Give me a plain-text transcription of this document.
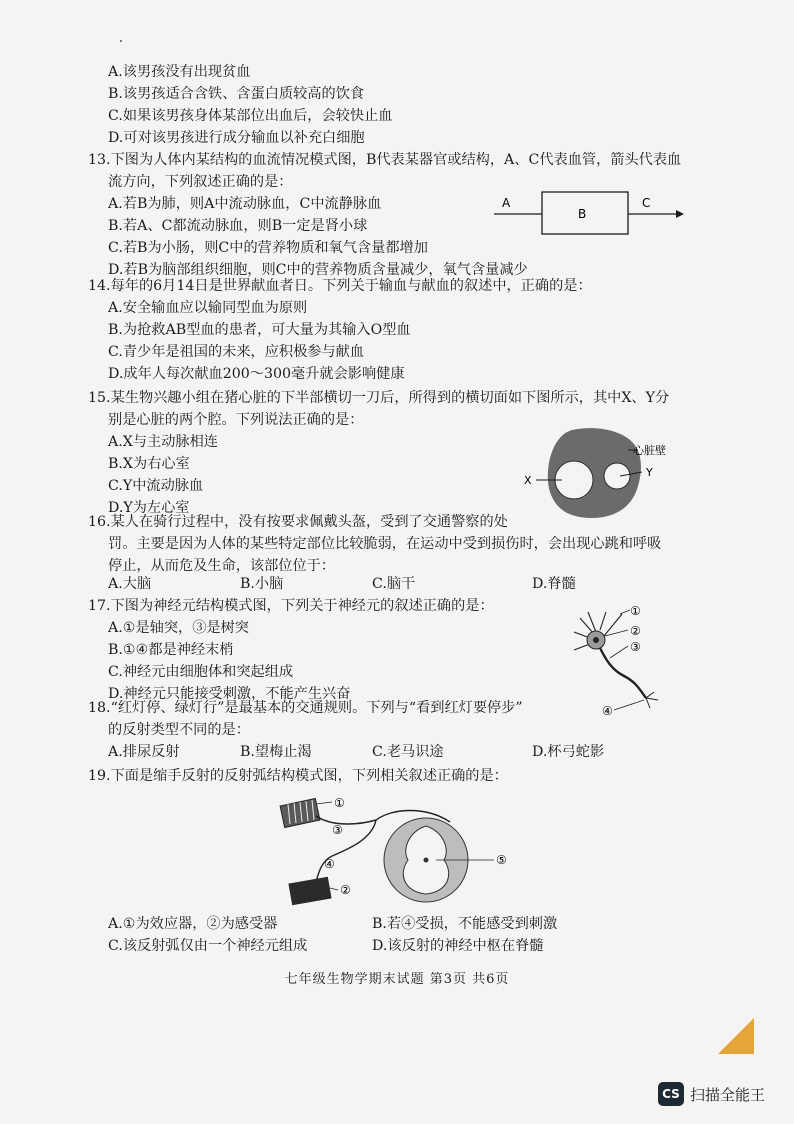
A.该男孩没有出现贫血
B.该男孩适合含铁、含蛋白质较高的饮食
C.如果该男孩身体某部位出血后，会较快止血
D.可对该男孩进行成分输血以补充白细胞
13.下图为人体内某结构的血流情况模式图，B代表某器官或结构，A、C代表血管，箭头代表血
流方向，下列叙述正确的是：
A.若B为肺，则A中流动脉血，C中流静脉血
B.若A、C都流动脉血，则B一定是肾小球
C.若B为小肠，则C中的营养物质和氧气含量都增加
D.若B为脑部组织细胞，则C中的营养物质含量减少，氧气含量减少
A
B
C
14.每年的6月14日是世界献血者日。下列关于输血与献血的叙述中，正确的是：
A.安全输血应以输同型血为原则
B.为抢救AB型血的患者，可大量为其输入O型血
C.青少年是祖国的未来，应积极参与献血
D.成年人每次献血200～300毫升就会影响健康
15.某生物兴趣小组在猪心脏的下半部横切一刀后，所得到的横切面如下图所示，其中X、Y分
别是心脏的两个腔。下列说法正确的是：
A.X与主动脉相连
B.X为右心室
C.Y中流动脉血
D.Y为左心室
X
Y
心脏壁
16.某人在骑行过程中，没有按要求佩戴头盔，受到了交通警察的处
罚。主要是因为人体的某些特定部位比较脆弱，在运动中受到损伤时，会出现心跳和呼吸
停止，从而危及生命，该部位位于：
A.大脑	B.小脑	C.脑干	D.脊髓
17.下图为神经元结构模式图，下列关于神经元的叙述正确的是：
A.①是轴突，③是树突
B.①④都是神经末梢
C.神经元由细胞体和突起组成
D.神经元只能接受刺激，不能产生兴奋
①
②
③
④
18.“红灯停、绿灯行”是最基本的交通规则。下列与“看到红灯要停步”
的反射类型不同的是：
A.排尿反射	B.望梅止渴	C.老马识途	D.杯弓蛇影
19.下面是缩手反射的反射弧结构模式图，下列相关叙述正确的是：
①
③
④
②
⑤
A.①为效应器，②为感受器	B.若④受损，不能感受到刺激
C.该反射弧仅由一个神经元组成	D.该反射的神经中枢在脊髓
七年级生物学期末试题 第3页 共6页
CS 扫描全能王
